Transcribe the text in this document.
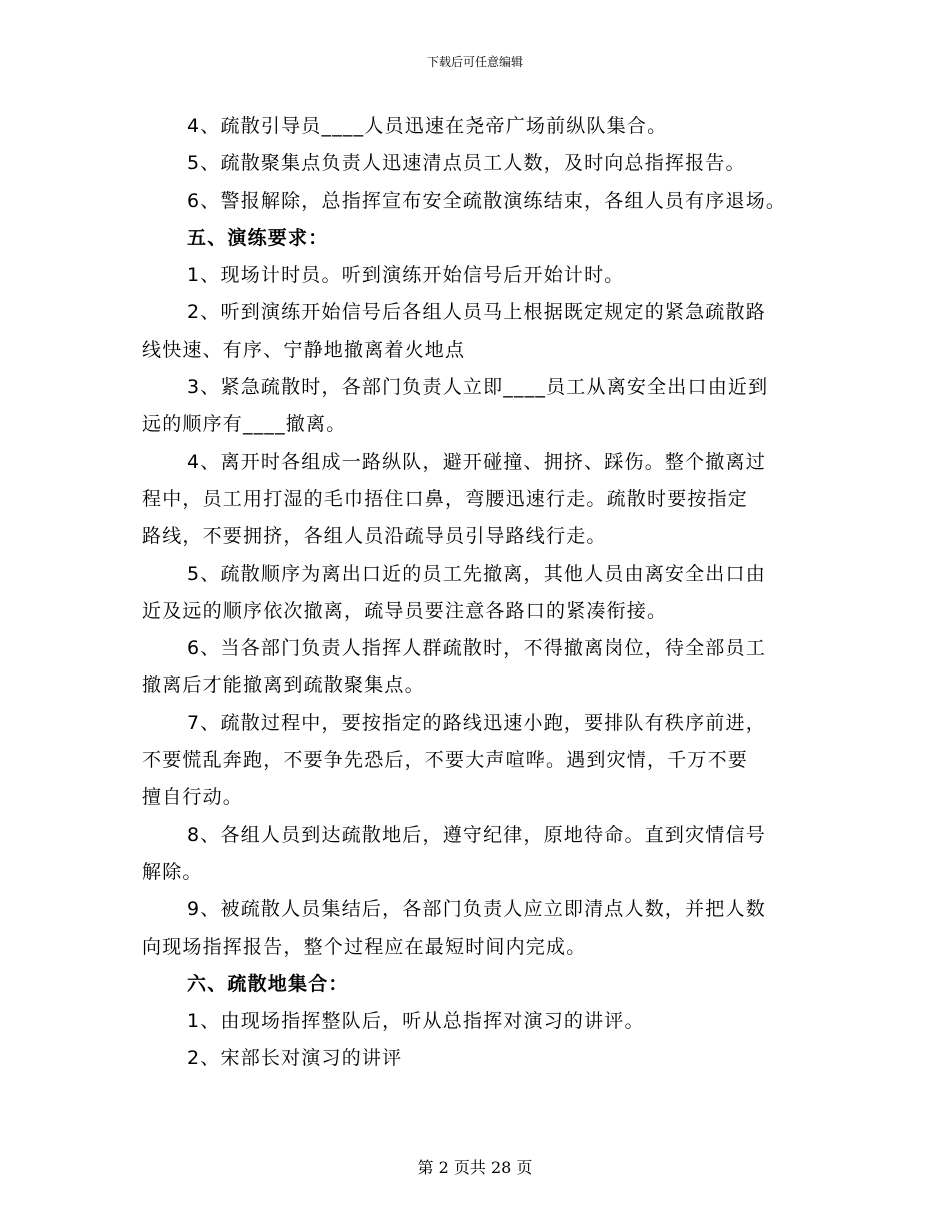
下载后可任意编辑
4、疏散引导员____人员迅速在尧帝广场前纵队集合。
5、疏散聚集点负责人迅速清点员工人数，及时向总指挥报告。
6、警报解除，总指挥宣布安全疏散演练结束，各组人员有序退场。
五、演练要求：
1、现场计时员。听到演练开始信号后开始计时。
2、听到演练开始信号后各组人员马上根据既定规定的紧急疏散路
线快速、有序、宁静地撤离着火地点
3、紧急疏散时，各部门负责人立即____员工从离安全出口由近到
远的顺序有____撤离。
4、离开时各组成一路纵队，避开碰撞、拥挤、踩伤。整个撤离过
程中，员工用打湿的毛巾捂住口鼻，弯腰迅速行走。疏散时要按指定
路线，不要拥挤，各组人员沿疏导员引导路线行走。
5、疏散顺序为离出口近的员工先撤离，其他人员由离安全出口由
近及远的顺序依次撤离，疏导员要注意各路口的紧凑衔接。
6、当各部门负责人指挥人群疏散时，不得撤离岗位，待全部员工
撤离后才能撤离到疏散聚集点。
7、疏散过程中，要按指定的路线迅速小跑，要排队有秩序前进，
不要慌乱奔跑，不要争先恐后，不要大声喧哗。遇到灾情，千万不要
擅自行动。
8、各组人员到达疏散地后，遵守纪律，原地待命。直到灾情信号
解除。
9、被疏散人员集结后，各部门负责人应立即清点人数，并把人数
向现场指挥报告，整个过程应在最短时间内完成。
六、疏散地集合：
1、由现场指挥整队后，听从总指挥对演习的讲评。
2、宋部长对演习的讲评
第 2 页共 28 页
